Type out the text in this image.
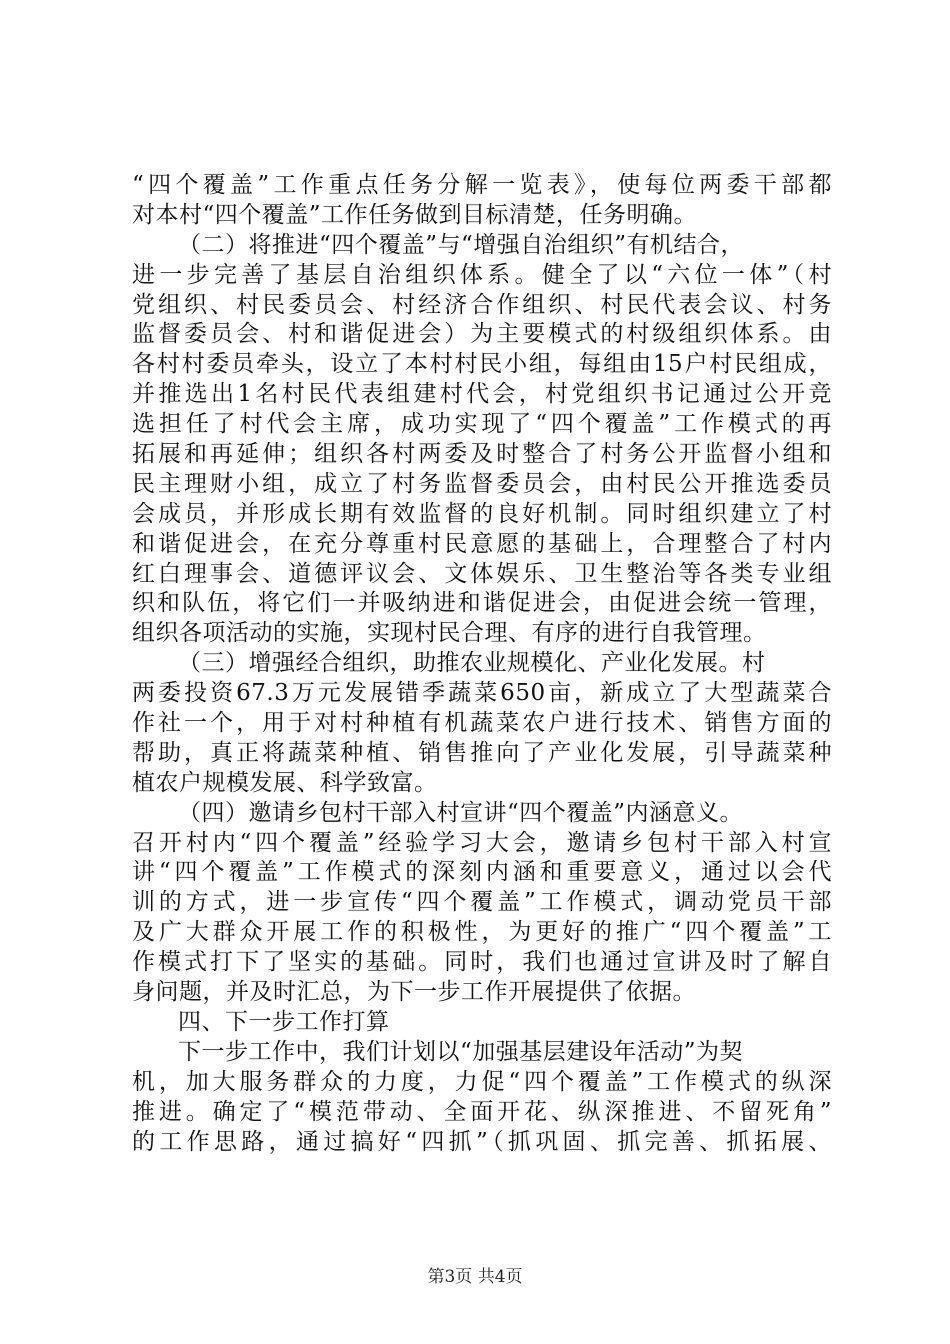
“四个覆盖”工作重点任务分解一览表》，使每位两委干部都
对本村“四个覆盖”工作任务做到目标清楚，任务明确。
（二）将推进“四个覆盖”与“增强自治组织”有机结合，
进一步完善了基层自治组织体系。健全了以“六位一体”（村
党组织、村民委员会、村经济合作组织、村民代表会议、村务
监督委员会、村和谐促进会）为主要模式的村级组织体系。由
各村村委员牵头，设立了本村村民小组，每组由15户村民组成，
并推选出1名村民代表组建村代会，村党组织书记通过公开竞
选担任了村代会主席，成功实现了“四个覆盖”工作模式的再
拓展和再延伸；组织各村两委及时整合了村务公开监督小组和
民主理财小组，成立了村务监督委员会，由村民公开推选委员
会成员，并形成长期有效监督的良好机制。同时组织建立了村
和谐促进会，在充分尊重村民意愿的基础上，合理整合了村内
红白理事会、道德评议会、文体娱乐、卫生整治等各类专业组
织和队伍，将它们一并吸纳进和谐促进会，由促进会统一管理，
组织各项活动的实施，实现村民合理、有序的进行自我管理。
（三）增强经合组织，助推农业规模化、产业化发展。村
两委投资67.3万元发展错季蔬菜650亩，新成立了大型蔬菜合
作社一个，用于对村种植有机蔬菜农户进行技术、销售方面的
帮助，真正将蔬菜种植、销售推向了产业化发展，引导蔬菜种
植农户规模发展、科学致富。
（四）邀请乡包村干部入村宣讲“四个覆盖”内涵意义。
召开村内“四个覆盖”经验学习大会，邀请乡包村干部入村宣
讲“四个覆盖”工作模式的深刻内涵和重要意义，通过以会代
训的方式，进一步宣传“四个覆盖”工作模式，调动党员干部
及广大群众开展工作的积极性，为更好的推广“四个覆盖”工
作模式打下了坚实的基础。同时，我们也通过宣讲及时了解自
身问题，并及时汇总，为下一步工作开展提供了依据。
四、下一步工作打算
下一步工作中，我们计划以“加强基层建设年活动”为契
机，加大服务群众的力度，力促“四个覆盖”工作模式的纵深
推进。确定了“模范带动、全面开花、纵深推进、不留死角”
的工作思路，通过搞好“四抓”（抓巩固、抓完善、抓拓展、
第3页 共4页
